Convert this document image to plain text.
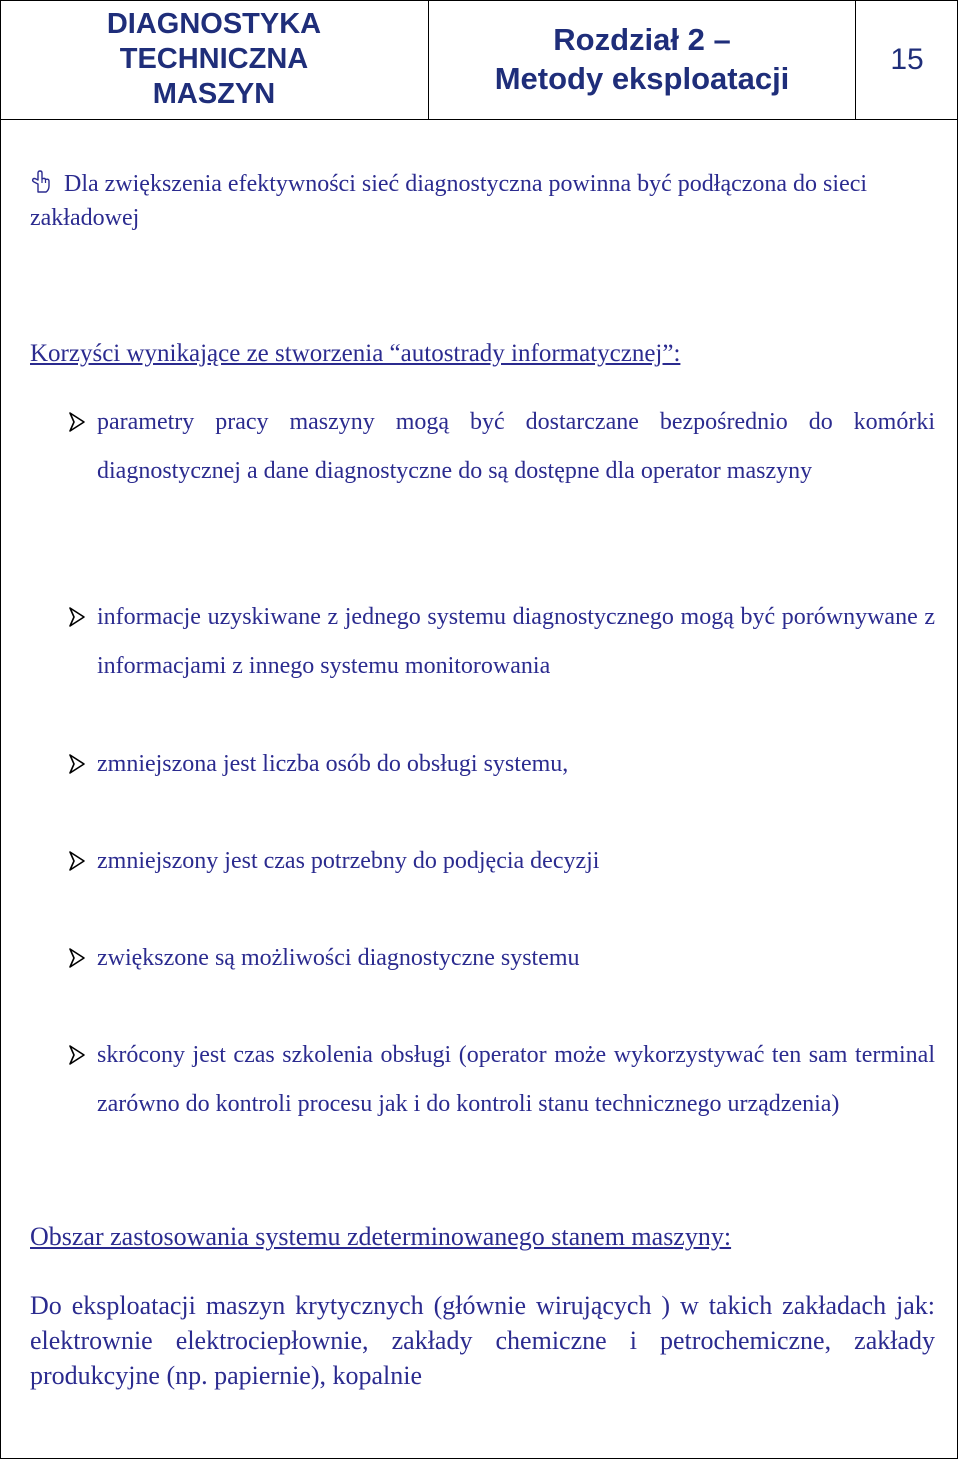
DIAGNOSTYKA
TECHNICZNA
MASZYN
Rozdział 2 –
Metody eksploatacji
15
Dla zwiększenia efektywności sieć diagnostyczna powinna być podłączona do sieci zakładowej
Korzyści wynikające ze stworzenia “autostrady informatycznej”:
parametry pracy maszyny mogą być dostarczane bezpośrednio do komórki diagnostycznej a dane diagnostyczne do są dostępne dla operator maszyny
informacje uzyskiwane z jednego systemu diagnostycznego mogą być porównywane z informacjami z innego systemu monitorowania
zmniejszona jest liczba osób do obsługi systemu,
zmniejszony jest czas potrzebny do podjęcia decyzji
zwiększone są możliwości diagnostyczne systemu
skrócony jest czas szkolenia obsługi (operator może wykorzystywać ten sam terminal zarówno do kontroli procesu jak i do kontroli stanu technicznego urządzenia)
Obszar zastosowania systemu zdeterminowanego stanem maszyny:
Do eksploatacji maszyn krytycznych (głównie wirujących ) w takich zakładach jak: elektrownie elektrociepłownie, zakłady chemiczne i petrochemiczne, zakłady produkcyjne (np. papiernie), kopalnie
